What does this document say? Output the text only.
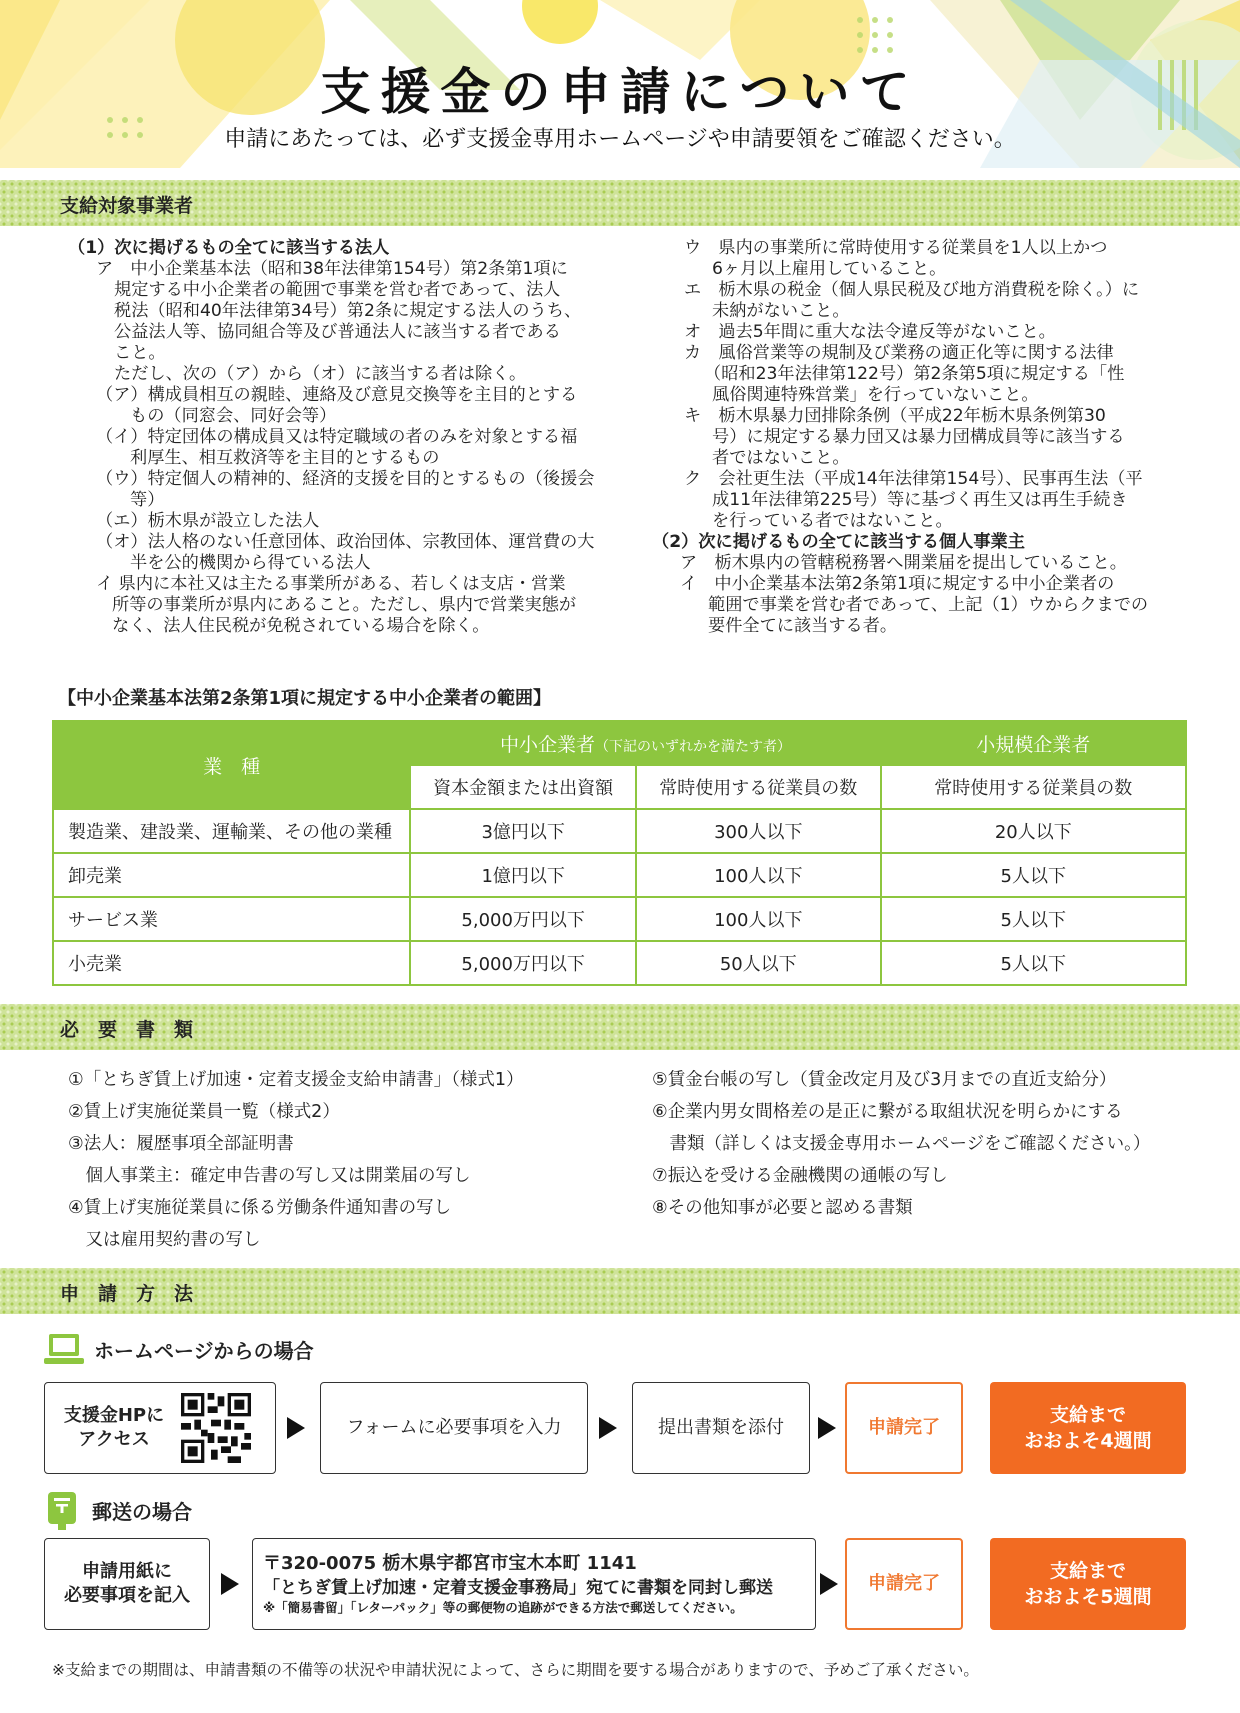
支援金の申請について
申請にあたっては、必ず支援金専用ホームページや申請要領をご確認ください。
支給対象事業者

（1）次に掲げるもの全てに該当する法人

ア　中小企業基本法（昭和38年法律第154号）第2条第1項に

規定する中小企業者の範囲で事業を営む者であって、法人

税法（昭和40年法律第34号）第2条に規定する法人のうち、

公益法人等、協同組合等及び普通法人に該当する者である

こと。

ただし、次の（ア）から（オ）に該当する者は除く。

（ア）構成員相互の親睦、連絡及び意見交換等を主目的とする

もの（同窓会、同好会等）

（イ）特定団体の構成員又は特定職域の者のみを対象とする福

利厚生、相互救済等を主目的とするもの

（ウ）特定個人の精神的、経済的支援を目的とするもの（後援会

等）

（エ）栃木県が設立した法人

（オ）法人格のない任意団体、政治団体、宗教団体、運営費の大

半を公的機関から得ている法人

イ 県内に本社又は主たる事業所がある、若しくは支店・営業

所等の事業所が県内にあること。ただし、県内で営業実態が

なく、法人住民税が免税されている場合を除く。

ウ　県内の事業所に常時使用する従業員を1人以上かつ

6ヶ月以上雇用していること。

エ　栃木県の税金（個人県民税及び地方消費税を除く。）に

未納がないこと。

オ　過去5年間に重大な法令違反等がないこと。

カ　風俗営業等の規制及び業務の適正化等に関する法律

（昭和23年法律第122号）第2条第5項に規定する「性

風俗関連特殊営業」を行っていないこと。

キ　栃木県暴力団排除条例（平成22年栃木県条例第30

号）に規定する暴力団又は暴力団構成員等に該当する

者ではないこと。

ク　会社更生法（平成14年法律第154号）、民事再生法（平

成11年法律第225号）等に基づく再生又は再生手続き

を行っている者ではないこと。

（2）次に掲げるもの全てに該当する個人事業主

ア　栃木県内の管轄税務署へ開業届を提出していること。

イ　中小企業基本法第2条第1項に規定する中小企業者の

範囲で事業を営む者であって、上記（1）ウからクまでの

要件全てに該当する者。

【中小企業基本法第2条第1項に規定する中小企業者の範囲】
業　種	中小企業者（下記のいずれかを満たす者）		小規模企業者
	資本金額または出資額	常時使用する従業員の数	常時使用する従業員の数
製造業、建設業、運輸業、その他の業種	3億円以下	300人以下	20人以下
卸売業	1億円以下	100人以下	5人以下
サービス業	5,000万円以下	100人以下	5人以下
小売業	5,000万円以下	50人以下	5人以下
必　要　書　類

①「とちぎ賃上げ加速・定着支援金支給申請書」（様式1）

②賃上げ実施従業員一覧（様式2）

③法人：履歴事項全部証明書

　個人事業主：確定申告書の写し又は開業届の写し

④賃上げ実施従業員に係る労働条件通知書の写し

　又は雇用契約書の写し

⑤賃金台帳の写し（賃金改定月及び3月までの直近支給分）

⑥企業内男女間格差の是正に繋がる取組状況を明らかにする

　書類（詳しくは支援金専用ホームページをご確認ください。）

⑦振込を受ける金融機関の通帳の写し

⑧その他知事が必要と認める書類

申　請　方　法
ホームページからの場合
支援金HPに
アクセス
フォームに必要事項を入力	提出書類を添付	申請完了
支給まで
おおよそ4週間
郵送の場合
申請用紙に
必要事項を記入
〒320-0075 栃木県宇都宮市宝木本町 1141
「とちぎ賃上げ加速・定着支援金事務局」宛てに書類を同封し郵送
※「簡易書留」「レターパック」等の郵便物の追跡ができる方法で郵送してください。
申請完了
支給まで
おおよそ5週間
※支給までの期間は、申請書類の不備等の状況や申請状況によって、さらに期間を要する場合がありますので、予めご了承ください。
